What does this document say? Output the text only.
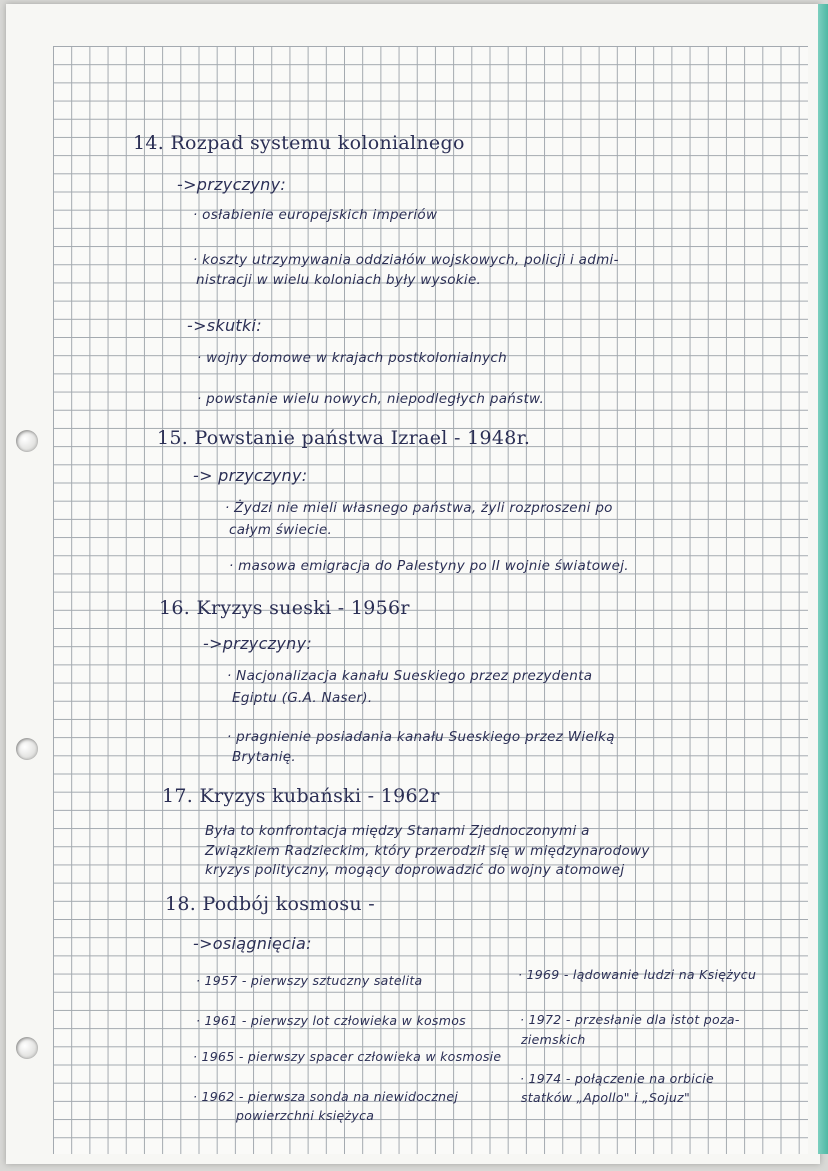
14. Rozpad systemu kolonialnego
->przyczyny:
· osłabienie europejskich imperiów
· koszty utrzymywania oddziałów wojskowych, policji i admi-
nistracji w wielu koloniach były wysokie.
->skutki:
· wojny domowe w krajach postkolonialnych
· powstanie wielu nowych, niepodległych państw.
15. Powstanie państwa Izrael - 1948r.
-> przyczyny:
· Żydzi nie mieli własnego państwa, żyli rozproszeni po
całym świecie.
· masowa emigracja do Palestyny po II wojnie światowej.
16. Kryzys sueski - 1956r
->przyczyny:
· Nacjonalizacja kanału Sueskiego przez prezydenta
Egiptu (G.A. Naser).
· pragnienie posiadania kanału Sueskiego przez Wielką
Brytanię.
17. Kryzys kubański - 1962r
Była to konfrontacja między Stanami Zjednoczonymi a
Związkiem Radzieckim, który przerodził się w międzynarodowy
kryzys polityczny, mogący doprowadzić do wojny atomowej
18. Podbój kosmosu -
->osiągnięcia:
· 1957 - pierwszy sztuczny satelita
· 1961 - pierwszy lot człowieka w kosmos
· 1965 - pierwszy spacer człowieka w kosmosie
· 1962 - pierwsza sonda na niewidocznej
powierzchni księżyca
· 1969 - lądowanie ludzi na Księżycu
· 1972 - przesłanie dla istot poza-
ziemskich
· 1974 - połączenie na orbicie
statków „Apollo" i „Sojuz"
